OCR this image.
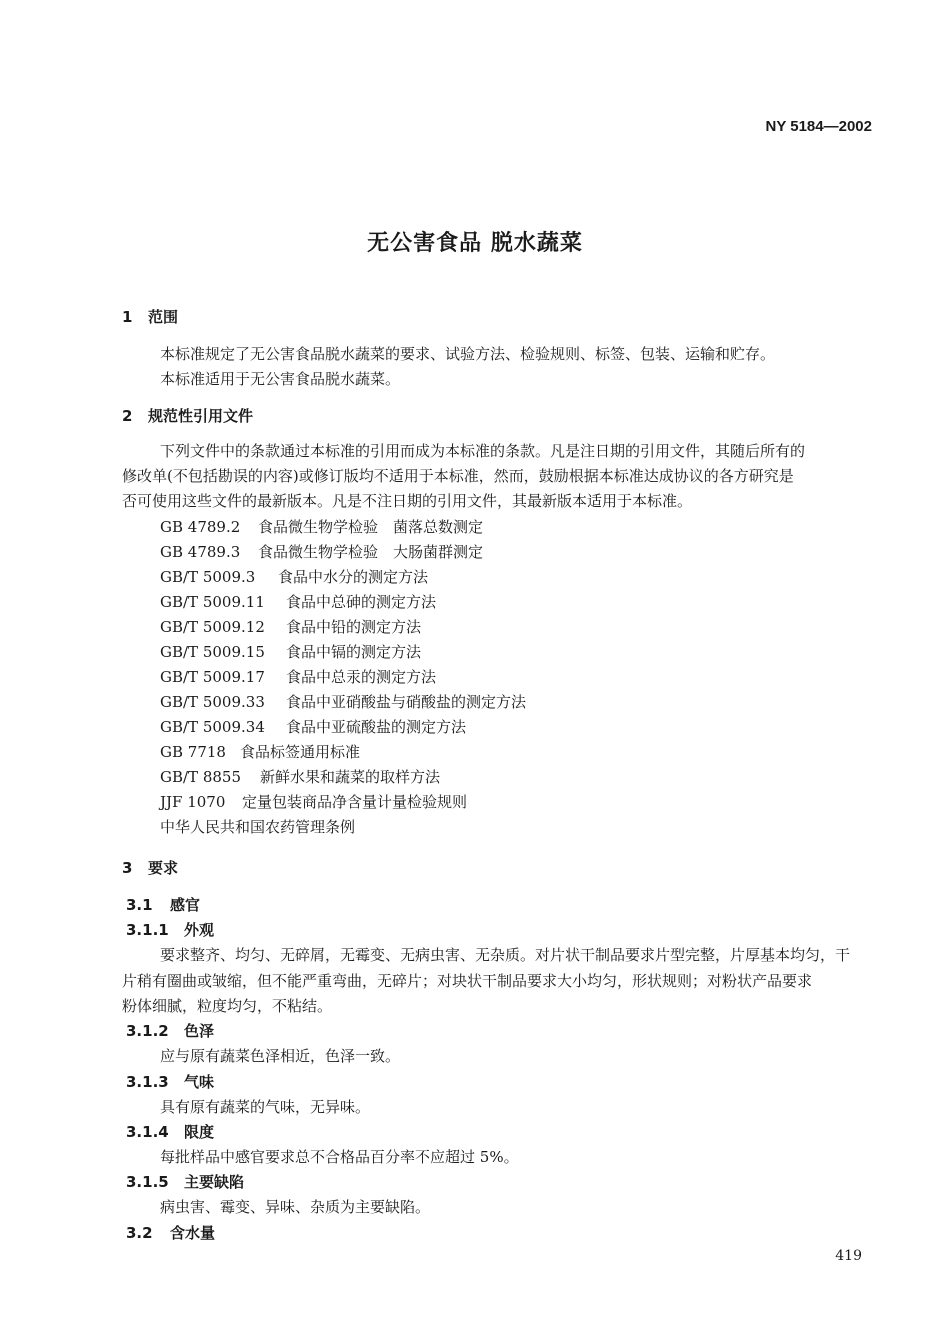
NY 5184—2002
无公害食品 脱水蔬菜
1 范围
本标准规定了无公害食品脱水蔬菜的要求、试验方法、检验规则、标签、包装、运输和贮存。
本标准适用于无公害食品脱水蔬菜。
2 规范性引用文件
下列文件中的条款通过本标准的引用而成为本标准的条款。凡是注日期的引用文件，其随后所有的
修改单(不包括勘误的内容)或修订版均不适用于本标准，然而，鼓励根据本标准达成协议的各方研究是
否可使用这些文件的最新版本。凡是不注日期的引用文件，其最新版本适用于本标准。
GB 4789.2 食品微生物学检验　菌落总数测定
GB 4789.3 食品微生物学检验　大肠菌群测定
GB/T 5009.3 食品中水分的测定方法
GB/T 5009.11 食品中总砷的测定方法
GB/T 5009.12 食品中铅的测定方法
GB/T 5009.15 食品中镉的测定方法
GB/T 5009.17 食品中总汞的测定方法
GB/T 5009.33 食品中亚硝酸盐与硝酸盐的测定方法
GB/T 5009.34 食品中亚硫酸盐的测定方法
GB 7718 食品标签通用标准
GB/T 8855 新鲜水果和蔬菜的取样方法
JJF 1070 定量包装商品净含量计量检验规则
中华人民共和国农药管理条例
3 要求
3.1 感官
3.1.1 外观
要求整齐、均匀、无碎屑，无霉变、无病虫害、无杂质。对片状干制品要求片型完整，片厚基本均匀，干
片稍有圈曲或皱缩，但不能严重弯曲，无碎片；对块状干制品要求大小均匀，形状规则；对粉状产品要求
粉体细腻，粒度均匀，不粘结。
3.1.2 色泽
应与原有蔬菜色泽相近，色泽一致。
3.1.3 气味
具有原有蔬菜的气味，无异味。
3.1.4 限度
每批样品中感官要求总不合格品百分率不应超过 5%。
3.1.5 主要缺陷
病虫害、霉变、异味、杂质为主要缺陷。
3.2 含水量
419
